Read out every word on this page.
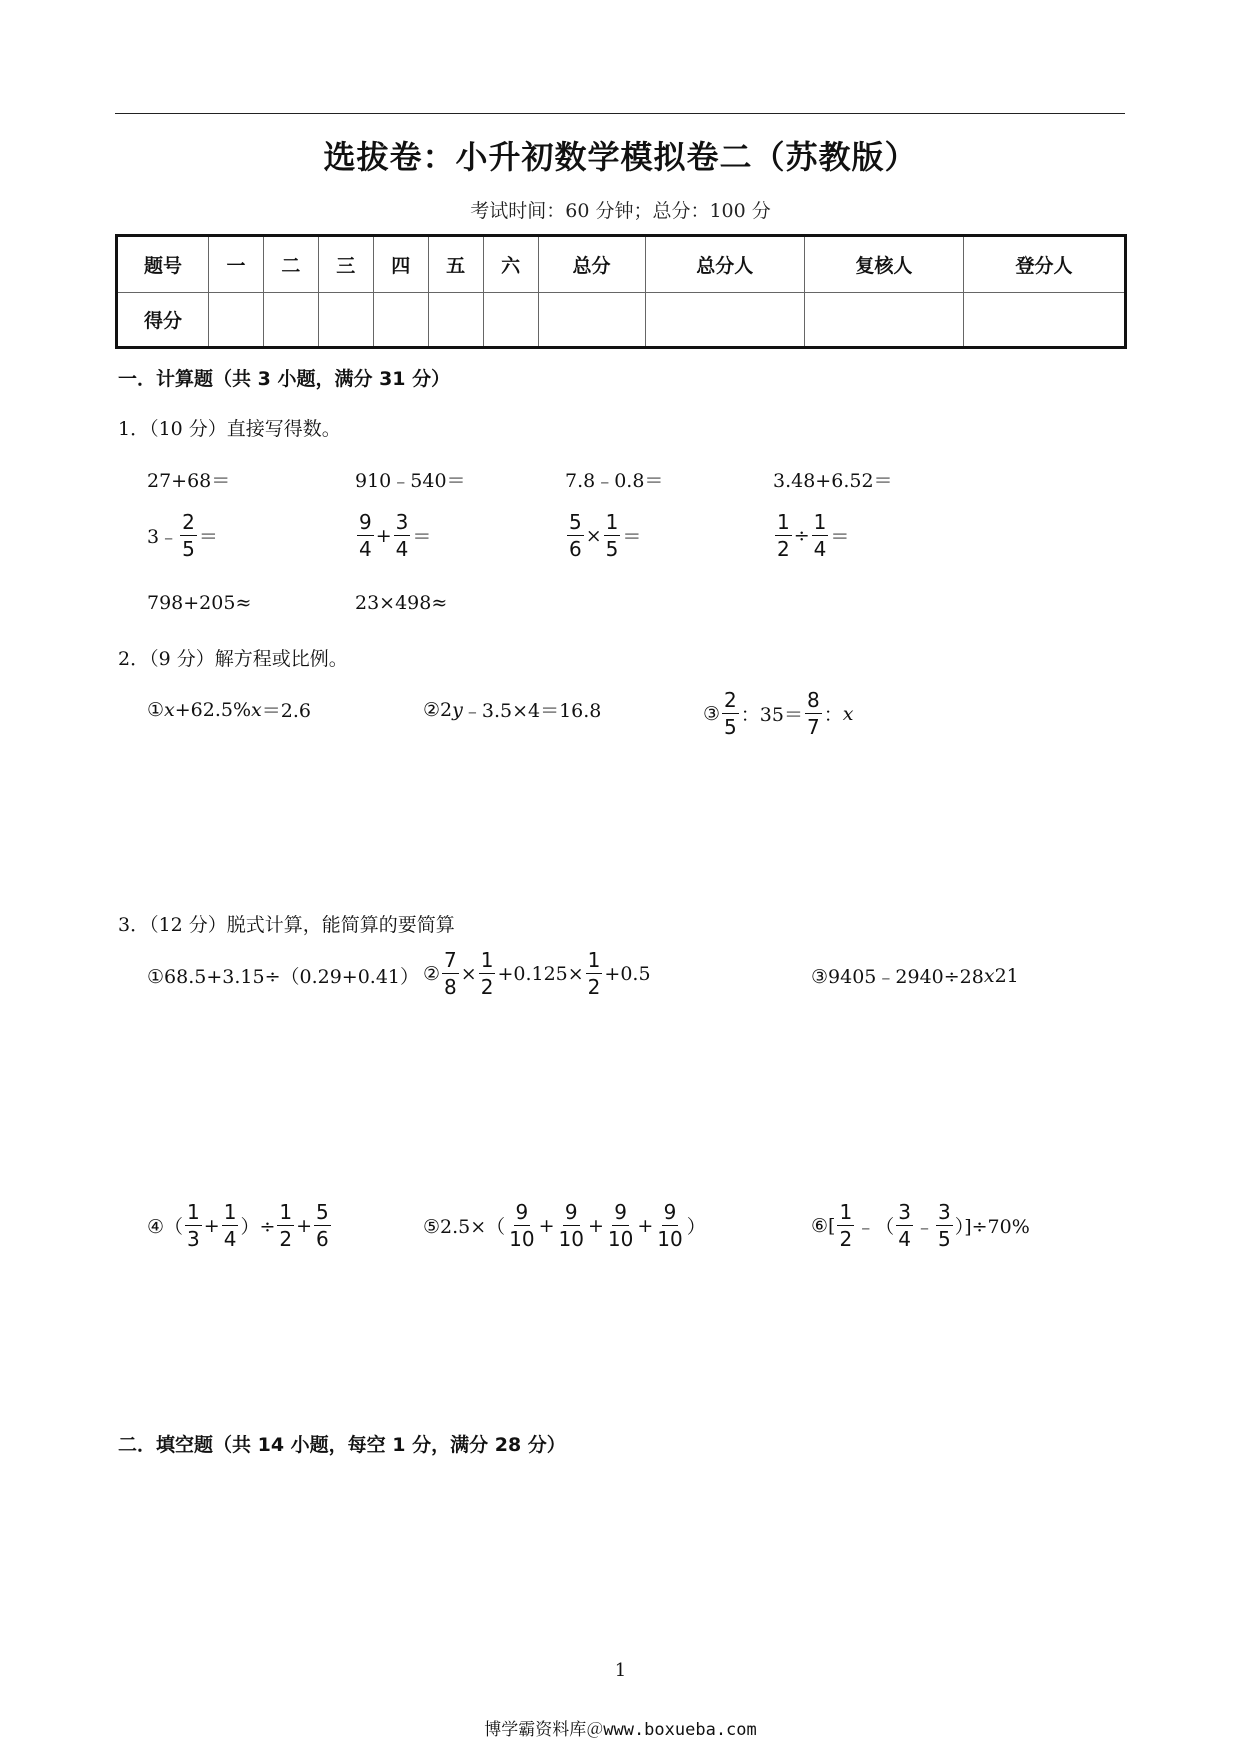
选拔卷：小升初数学模拟卷二（苏教版）
考试时间：60 分钟；总分：100 分
题号	一	二	三	四	五	六	总分	总分人	复核人	登分人
得分										
一．计算题（共 3 小题，满分 31 分）
1．（10 分）直接写得数。
27+68＝	910﹣540＝	7.8﹣0.8＝	3.48+6.52＝
3﹣ $\frac{2}{5}$ ＝	$\frac{9}{4} + \frac{3}{4}$ ＝	$\frac{5}{6} \times \frac{1}{5}$ ＝	$\frac{1}{2} \div \frac{1}{4}$ ＝
798+205≈	23×498≈
2．（9 分）解方程或比例。
① x +62.5% x ＝2.6	②2 y ﹣3.5×4＝16.8	③ $\frac{2}{5}$ ：$35= \frac{8}{7}$ ： x
3．（12 分）脱式计算，能简算的要简算
①68.5+3.15÷（0.29+0.41） ② $\frac{7}{8} \times \frac{1}{2} +0.125\times \frac{1}{2} +0.5$	③9405﹣2940÷28 x 21
④（ $\frac{1}{3} + \frac{1}{4}$ ）÷ $\frac{1}{2} + \frac{5}{6}$	⑤2.5×（ $\frac{9}{10} + \frac{9}{10} + \frac{9}{10} + \frac{9}{10}$ ）	⑥[ $\frac{1}{2}$ ﹣（ $\frac{3}{4}$ ﹣ $\frac{3}{5} )]\div 70\%$
二．填空题（共 14 小题，每空 1 分，满分 28 分）
1
博学霸资料库＠www.boxueba.com
